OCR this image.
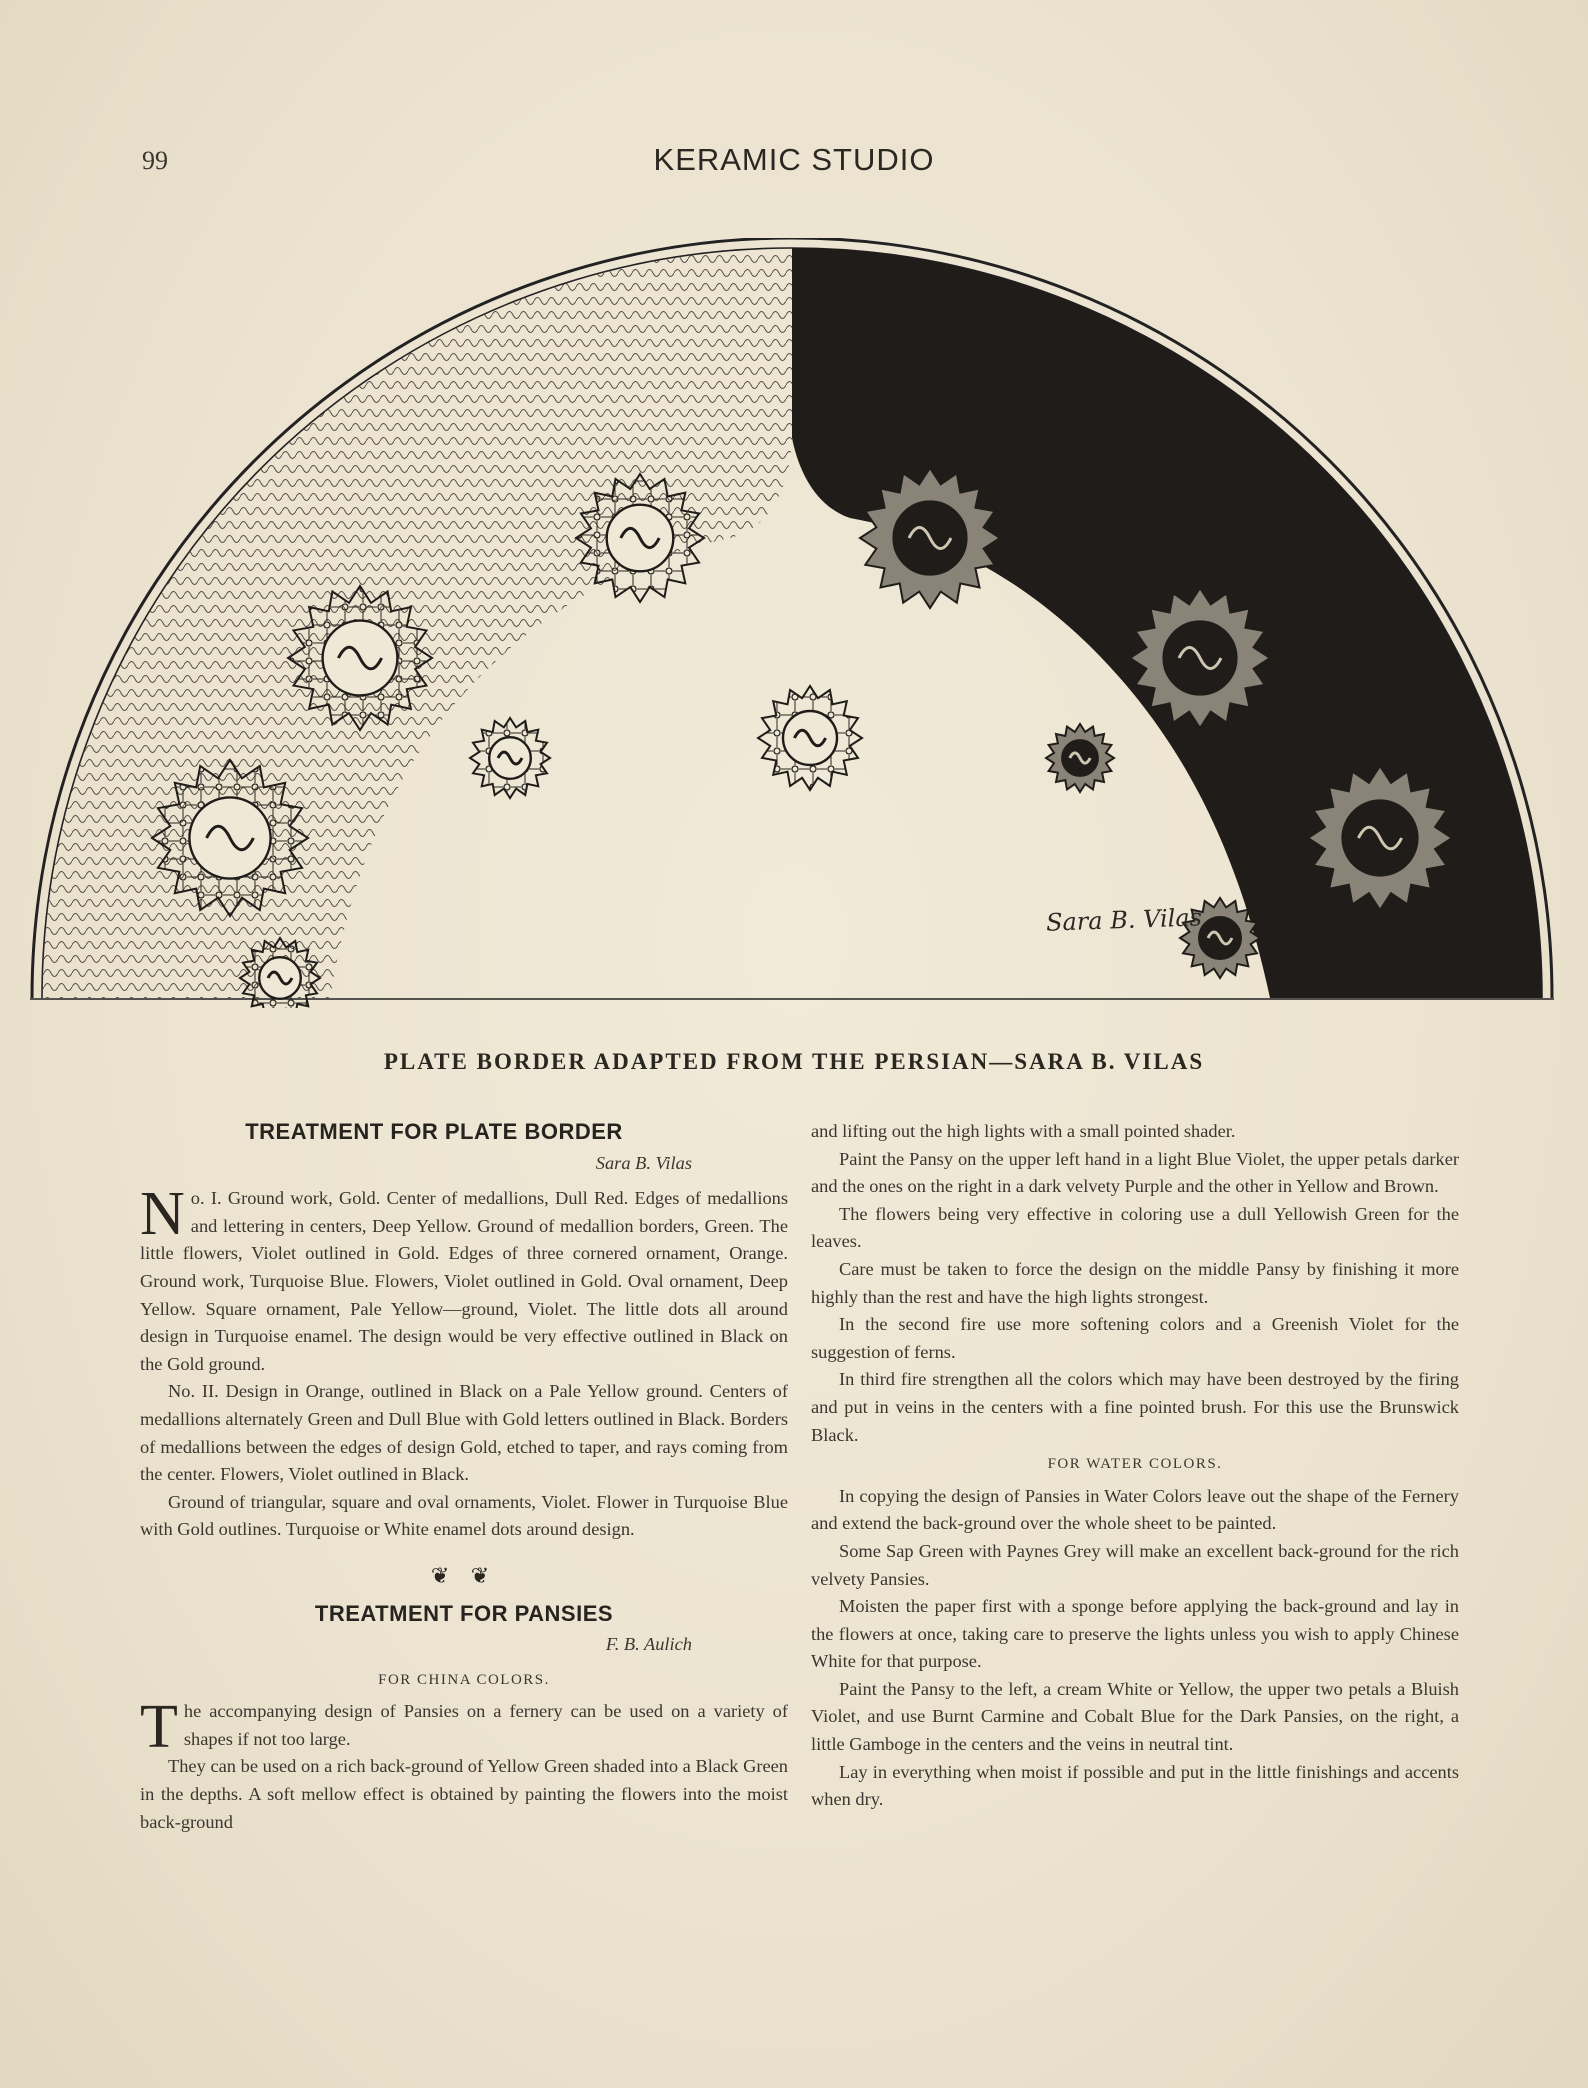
99	KERAMIC STUDIO
Sara B. Vilas
PLATE BORDER ADAPTED FROM THE PERSIAN—SARA B. VILAS
TREATMENT FOR PLATE BORDER
Sara B. Vilas

No. I. Ground work, Gold. Center of medallions, Dull Red. Edges of medallions and lettering in centers, Deep Yellow. Ground of medallion borders, Green. The little flowers, Violet outlined in Gold. Edges of three cornered ornament, Orange. Ground work, Turquoise Blue. Flowers, Violet outlined in Gold. Oval ornament, Deep Yellow. Square ornament, Pale Yellow—ground, Violet. The little dots all around design in Turquoise enamel. The design would be very effective outlined in Black on the Gold ground.

No. II. Design in Orange, outlined in Black on a Pale Yellow ground. Centers of medallions alternately Green and Dull Blue with Gold letters outlined in Black. Borders of medallions between the edges of design Gold, etched to taper, and rays coming from the center. Flowers, Violet outlined in Black.

Ground of triangular, square and oval ornaments, Violet. Flower in Turquoise Blue with Gold outlines. Turquoise or White enamel dots around design.

❦ ❦
TREATMENT FOR PANSIES
F. B. Aulich
FOR CHINA COLORS.

The accompanying design of Pansies on a fernery can be used on a variety of shapes if not too large.

They can be used on a rich back-ground of Yellow Green shaded into a Black Green in the depths. A soft mellow effect is obtained by painting the flowers into the moist back-ground

and lifting out the high lights with a small pointed shader.

Paint the Pansy on the upper left hand in a light Blue Violet, the upper petals darker and the ones on the right in a dark velvety Purple and the other in Yellow and Brown.

The flowers being very effective in coloring use a dull Yellowish Green for the leaves.

Care must be taken to force the design on the middle Pansy by finishing it more highly than the rest and have the high lights strongest.

In the second fire use more softening colors and a Greenish Violet for the suggestion of ferns.

In third fire strengthen all the colors which may have been destroyed by the firing and put in veins in the centers with a fine pointed brush. For this use the Brunswick Black.

FOR WATER COLORS.

In copying the design of Pansies in Water Colors leave out the shape of the Fernery and extend the back-ground over the whole sheet to be painted.

Some Sap Green with Paynes Grey will make an excellent back-ground for the rich velvety Pansies.

Moisten the paper first with a sponge before applying the back-ground and lay in the flowers at once, taking care to preserve the lights unless you wish to apply Chinese White for that purpose.

Paint the Pansy to the left, a cream White or Yellow, the upper two petals a Bluish Violet, and use Burnt Carmine and Cobalt Blue for the Dark Pansies, on the right, a little Gamboge in the centers and the veins in neutral tint.

Lay in everything when moist if possible and put in the little finishings and accents when dry.
